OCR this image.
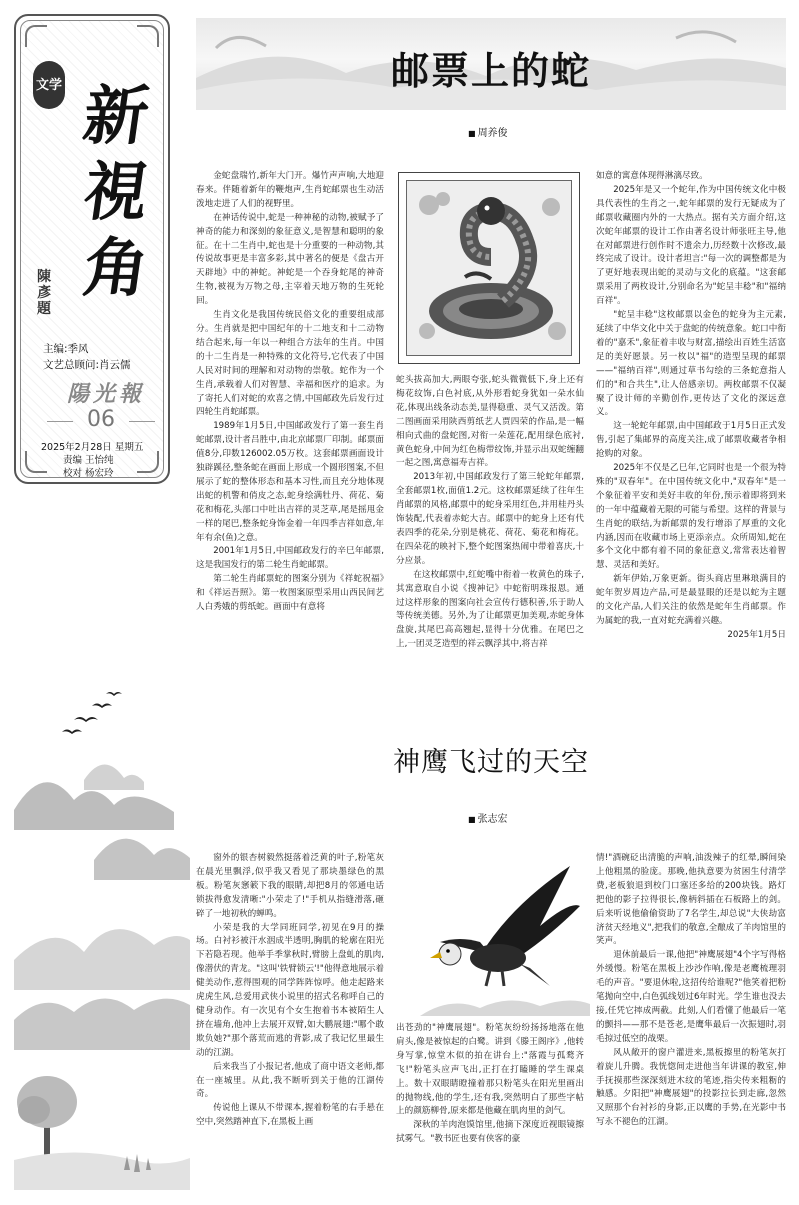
文学 新
視
角
陳彥題
主编:季风
文艺总顾问:肖云儒
陽光報
06
2025年2月28日 星期五
责编 王怡纯
校对 杨宏玲
邮票上的蛇
■ 周养俊

金蛇盘瑞竹,新年大门开。爆竹声声响,大地迎春来。伴随着新年的鞭炮声,生肖蛇邮票也生动活泼地走进了人们的视野里。

在神话传说中,蛇是一种神秘的动物,被赋予了神奇的能力和深刻的象征意义,是智慧和聪明的象征。在十二生肖中,蛇也是十分重要的一种动物,其传说故事更是丰富多彩,其中著名的便是《盘古开天辟地》中的神蛇。神蛇是一个吞身蛇尾的神奇生物,被视为万物之母,主宰着天地万物的生死轮回。

生肖文化是我国传统民俗文化的重要组成部分。生肖就是把中国纪年的十二地支和十二动物结合起来,每一年以一种组合方法年的生肖。中国的十二生肖是一种特殊的文化符号,它代表了中国人民对时间的理解和对动物的崇敬。蛇作为一个生肖,承载着人们对智慧、幸福和医疗的追求。为了寄托人们对蛇的欢喜之情,中国邮政先后发行过四轮生肖蛇邮票。

1989年1月5日,中国邮政发行了第一套生肖蛇邮票,设计者吕胜中,由北京邮票厂印制。邮票面值8分,印数126002.05万枚。这套邮票画面设计独辟蹊径,整条蛇在画面上形成一个圆形图案,不但展示了蛇的整体形态和基本习性,而且充分地体现出蛇的机警和俏皮之态,蛇身绘满牡丹、荷花、菊花和梅花,头部口中吐出吉祥的灵芝草,尾是摇甩金一样的尾巴,整条蛇身饰金着一年四季吉祥如意,年年有余(鱼)之意。

2001年1月5日,中国邮政发行的辛巳年邮票,这是我国发行的第二轮生肖蛇邮票。

第二轮生肖邮票蛇的图案分别为《祥蛇祝福》和《祥运吾照》。第一枚图案原型采用山西民间艺人白秀娥的剪纸蛇。画面中有意将

蛇头拔高加大,两眼夸张,蛇头微微低下,身上还有梅花纹饰,白色衬底,从外形看蛇身犹如一朵水仙花,体现出线条动态美,显得稳重、灵气又活泼。第二图画面采用陕西剪纸艺人贾四荣的作品,是一幅相向式曲的盘蛇图,对衔一朵莲花,配用绿色底衬,黄色蛇身,中间为红色梅带纹饰,并显示出双蛇缠翻一起之图,寓意福寿吉祥。

2013年初,中国邮政发行了第三轮蛇年邮票,全套邮票1枚,面值1.2元。这枚邮票延续了往年生肖邮票的风格,邮票中的蛇身采用红色,并用桂丹头饰装配,代表着赤蛇大吉。邮票中的蛇身上还有代表四季的花朵,分别是桃花、荷花、菊花和梅花。在四朵花的映衬下,整个蛇图案热闹中带着喜庆,十分应景。

在这枚邮票中,红蛇嘴中衔着一枚黄色的珠子,其寓意取自小说《搜神记》中蛇衔明珠报恩。通过这样形象的图案向社会宣传行德积善,乐于助人等传统美德。另外,为了让邮票更加美观,赤蛇身体盘旋,其尾巴高高翘起,显得十分优雅。在尾巴之上,一团灵芝造型的祥云飘浮其中,将吉祥

如意的寓意体现得淋漓尽致。

2025年是又一个蛇年,作为中国传统文化中极具代表性的生肖之一,蛇年邮票的发行无疑成为了邮票收藏圈内外的一大热点。据有关方面介绍,这次蛇年邮票的设计工作由著名设计师张旺主导,他在对邮票进行创作时不遗余力,历经数十次修改,最终完成了设计。设计者坦言:"每一次的调整都是为了更好地表现出蛇的灵动与文化的底蕴。"这套邮票采用了两枚设计,分别命名为"蛇呈丰稔"和"福纳百祥"。

"蛇呈丰稔"这枚邮票以金色的蛇身为主元素,延续了中华文化中关于盘蛇的传统意象。蛇口中衔着的"嘉禾",象征着丰收与财富,描绘出百姓生活富足的美好愿景。另一枚以"福"的造型呈现的邮票——"福纳百祥",则通过草书勾绘的三条蛇意指人们的"和合共生",让人倍感亲切。两枚邮票不仅凝聚了设计师的辛勤创作,更传达了文化的深远意义。

这一轮蛇年邮票,由中国邮政于1月5日正式发售,引起了集邮界的高度关注,成了邮票收藏者争相抢购的对象。

2025年不仅是乙巳年,它同时也是一个很为特殊的"双春年"。在中国传统文化中,"双春年"是一个象征着平安和美好丰收的年份,预示着即将到来的一年中蕴藏着无限的可能与希望。这样的背景与生肖蛇的联结,为新邮票的发行增添了厚重的文化内涵,因而在收藏市场上更添亲点。众所周知,蛇在多个文化中都有着不同的象征意义,常常表达着智慧、灵活和美好。

新年伊始,万象更新。街头商店里琳琅满目的蛇年贺岁周边产品,可是最显眼的还是以蛇为主题的文化产品,人们关注的依然是蛇年生肖邮票。作为属蛇的我,一直对蛇充满着兴趣。

2025年1月5日

神鹰飞过的天空
■ 张志宏

窗外的银杏树毅然挺落着泛黄的叶子,粉笔灰在晨光里飘浮,似乎我又看见了那块墨绿色的黑板。粉笔灰窸簌下我的眼睛,却把8月的邻通电话锁拔得愈发清晰:"小荣走了!"手机从指缝滑落,砸碎了一地初秋的蝉鸣。

小荣是我的大学同班同学,初见在9月的操场。白衬衫被汗水洇成半透明,胸肌的轮廓在阳光下若隐若现。他举手季掌秋时,臂膀上盘虬的肌肉,像潜伏的青龙。"这叫'铁臂锁云'!"他得意地展示着健美动作,惹得围观的同学阵阵惊呼。他走起路来虎虎生风,总爱用武侠小说里的招式名称呼自己的健身动作。有一次见有个女生抱着书本被陌生人挤在墙角,他冲上去展开双臂,如大鹏展翅:"哪个敢欺负她?"那个落荒而逃的背影,成了我记忆里最生动的江湖。

后来我当了小报记者,他成了商中语文老师,都在一座城里。从此,我不断听到关于他的江湖传奇。

传说他上课从不带课本,握着粉笔的右手悬在空中,突然踏神直下,在黑板上画

出苍劲的"神鹰展翅"。粉笔灰纷纷扬扬地落在他肩头,像是被惊起的白鹭。讲到《滕王阁序》,他转身写掌,惊堂木似的拍在讲台上:"落霞与孤鹜齐飞!"粉笔头应声飞出,正打在打瞌睡的学生课桌上。数十双眼睛瞪撞着那只粉笔头在阳光里画出的抛物线,他的学生,还有我,突然明白了那些字帖上的颜筋柳骨,原来都是他藏在肌肉里的剑气。

深秋的羊肉泡馍馆里,他摘下深度近视眼镜擦拭雾气。"教书匠也要有侠客的豪

情!"酒碗砭出清脆的声响,油泼辣子的红晕,瞬间染上他粗黑的脸庞。那晚,他执意要为贫困生付清学费,老板狼退到校门口塞还多给的200块钱。路灯把他的影子拉得很长,像柄斜插在石板路上的剑。后来听说他偷偷资助了7名学生,却总说"大侠劫富济贫天经地义",把我们的敬意,全酿成了羊肉馆里的笑声。

退休前最后一课,他把"神鹰展翅"4个字写得格外缓慢。粉笔在黑板上沙沙作响,像是老鹰梳理羽毛的声音。"要退休啦,这招传给谁呢?"他笑着把粉笔抛向空中,白色弧线划过6年时光。学生谁也没去接,任凭它摔成两截。此刻,人们看懂了他最后一笔的颤抖——那不是苍老,是鹰隼最后一次振翅时,羽毛掠过低空的战栗。

风从敞开的窗户灌进来,黑板擦里的粉笔灰打着旋儿升腾。我恍惚间走进他当年讲课的教室,伸手抚摸那些深深刻进木纹的笔迹,指尖传来粗粝的触感。夕阳把"神鹰展翅"的投影拉长到走廊,忽然又照那个台衬衫的身影,正以鹰的手势,在光影中书写永不褪色的江湖。
